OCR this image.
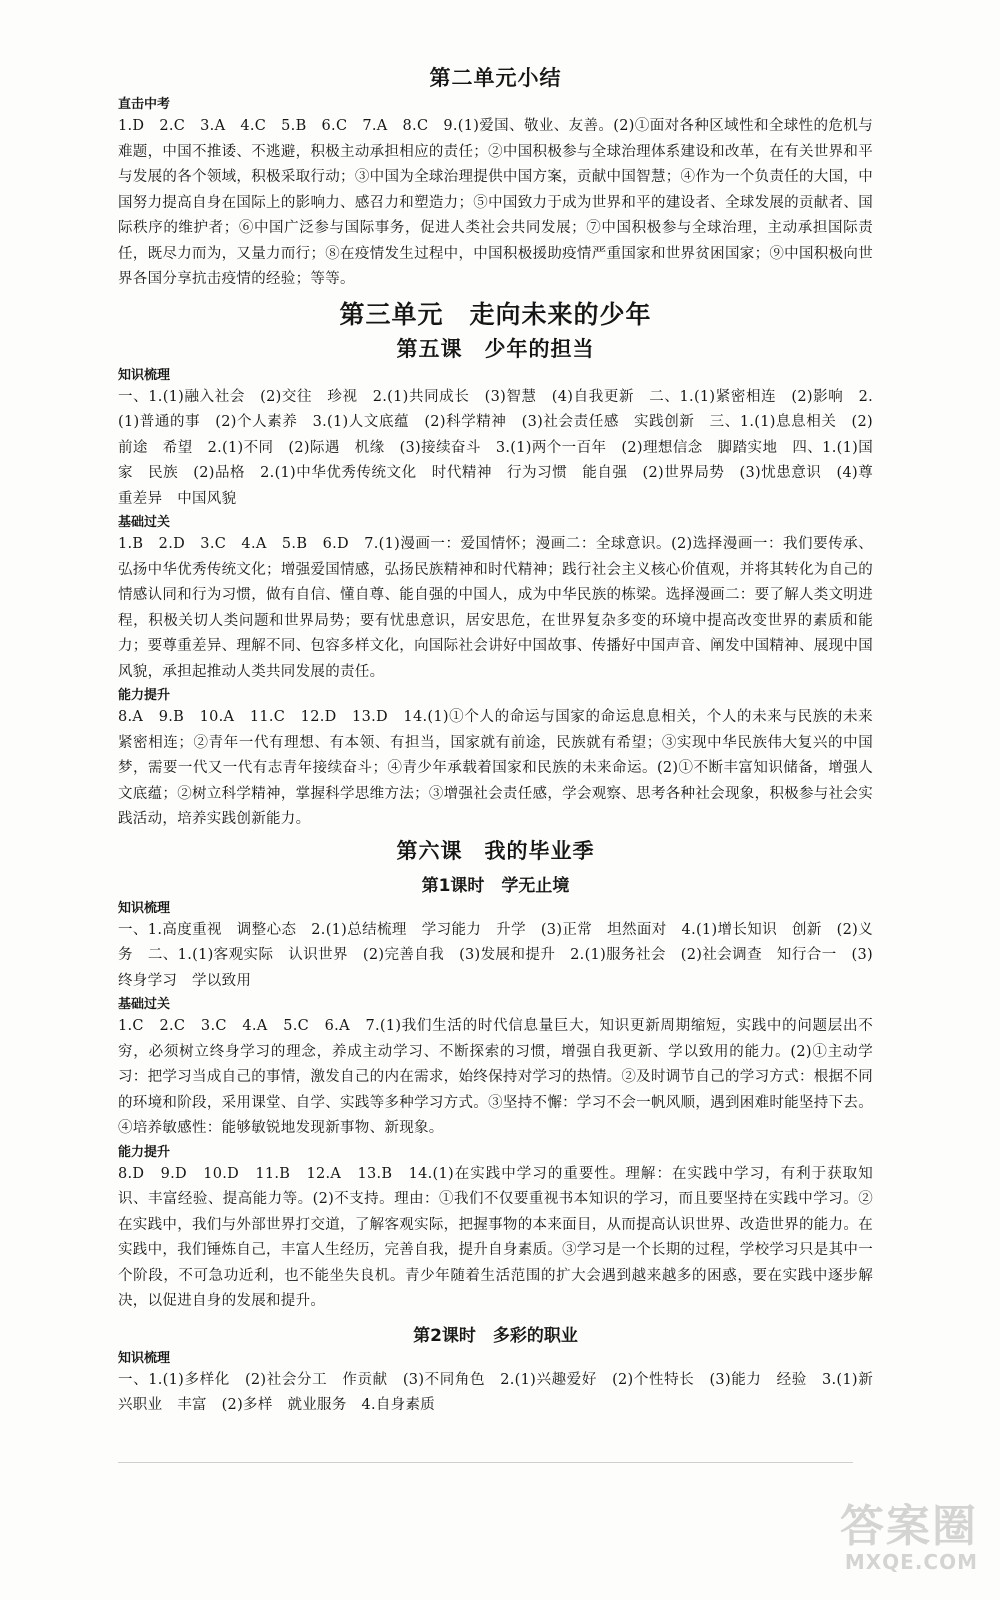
第二单元小结
直击中考

1.D　2.C　3.A　4.C　5.B　6.C　7.A　8.C　9.(1)爱国、敬业、友善。(2)①面对各种区域性和全球性的危机与难题，中国不推诿、不逃避，积极主动承担相应的责任；②中国积极参与全球治理体系建设和改革，在有关世界和平与发展的各个领域，积极采取行动；③中国为全球治理提供中国方案，贡献中国智慧；④作为一个负责任的大国，中国努力提高自身在国际上的影响力、感召力和塑造力；⑤中国致力于成为世界和平的建设者、全球发展的贡献者、国际秩序的维护者；⑥中国广泛参与国际事务，促进人类社会共同发展；⑦中国积极参与全球治理，主动承担国际责任，既尽力而为，又量力而行；⑧在疫情发生过程中，中国积极援助疫情严重国家和世界贫困国家；⑨中国积极向世界各国分享抗击疫情的经验；等等。

第三单元　走向未来的少年
第五课　少年的担当
知识梳理

一、1.(1)融入社会　(2)交往　珍视　2.(1)共同成长　(3)智慧　(4)自我更新　二、1.(1)紧密相连　(2)影响　2.(1)普通的事　(2)个人素养　3.(1)人文底蕴　(2)科学精神　(3)社会责任感　实践创新　三、1.(1)息息相关　(2)前途　希望　2.(1)不同　(2)际遇　机缘　(3)接续奋斗　3.(1)两个一百年　(2)理想信念　脚踏实地　四、1.(1)国家　民族　(2)品格　2.(1)中华优秀传统文化　时代精神　行为习惯　能自强　(2)世界局势　(3)忧患意识　(4)尊重差异　中国风貌

基础过关

1.B　2.D　3.C　4.A　5.B　6.D　7.(1)漫画一：爱国情怀；漫画二：全球意识。(2)选择漫画一：我们要传承、弘扬中华优秀传统文化；增强爱国情感，弘扬民族精神和时代精神；践行社会主义核心价值观，并将其转化为自己的情感认同和行为习惯，做有自信、懂自尊、能自强的中国人，成为中华民族的栋梁。选择漫画二：要了解人类文明进程，积极关切人类问题和世界局势；要有忧患意识，居安思危，在世界复杂多变的环境中提高改变世界的素质和能力；要尊重差异、理解不同、包容多样文化，向国际社会讲好中国故事、传播好中国声音、阐发中国精神、展现中国风貌，承担起推动人类共同发展的责任。

能力提升

8.A　9.B　10.A　11.C　12.D　13.D　14.(1)①个人的命运与国家的命运息息相关，个人的未来与民族的未来紧密相连；②青年一代有理想、有本领、有担当，国家就有前途，民族就有希望；③实现中华民族伟大复兴的中国梦，需要一代又一代有志青年接续奋斗；④青少年承载着国家和民族的未来命运。(2)①不断丰富知识储备，增强人文底蕴；②树立科学精神，掌握科学思维方法；③增强社会责任感，学会观察、思考各种社会现象，积极参与社会实践活动，培养实践创新能力。

第六课　我的毕业季
第1课时　学无止境
知识梳理

一、1.高度重视　调整心态　2.(1)总结梳理　学习能力　升学　(3)正常　坦然面对　4.(1)增长知识　创新　(2)义务　二、1.(1)客观实际　认识世界　(2)完善自我　(3)发展和提升　2.(1)服务社会　(2)社会调查　知行合一　(3)终身学习　学以致用

基础过关

1.C　2.C　3.C　4.A　5.C　6.A　7.(1)我们生活的时代信息量巨大，知识更新周期缩短，实践中的问题层出不穷，必须树立终身学习的理念，养成主动学习、不断探索的习惯，增强自我更新、学以致用的能力。(2)①主动学习：把学习当成自己的事情，激发自己的内在需求，始终保持对学习的热情。②及时调节自己的学习方式：根据不同的环境和阶段，采用课堂、自学、实践等多种学习方式。③坚持不懈：学习不会一帆风顺，遇到困难时能坚持下去。④培养敏感性：能够敏锐地发现新事物、新现象。

能力提升

8.D　9.D　10.D　11.B　12.A　13.B　14.(1)在实践中学习的重要性。理解：在实践中学习，有利于获取知识、丰富经验、提高能力等。(2)不支持。理由：①我们不仅要重视书本知识的学习，而且要坚持在实践中学习。②在实践中，我们与外部世界打交道，了解客观实际，把握事物的本来面目，从而提高认识世界、改造世界的能力。在实践中，我们锤炼自己，丰富人生经历，完善自我，提升自身素质。③学习是一个长期的过程，学校学习只是其中一个阶段，不可急功近利，也不能坐失良机。青少年随着生活范围的扩大会遇到越来越多的困惑，要在实践中逐步解决，以促进自身的发展和提升。

第2课时　多彩的职业
知识梳理

一、1.(1)多样化　(2)社会分工　作贡献　(3)不同角色　2.(1)兴趣爱好　(2)个性特长　(3)能力　经验　3.(1)新兴职业　丰富　(2)多样　就业服务　4.自身素质

答案圈
MXQE.COM
